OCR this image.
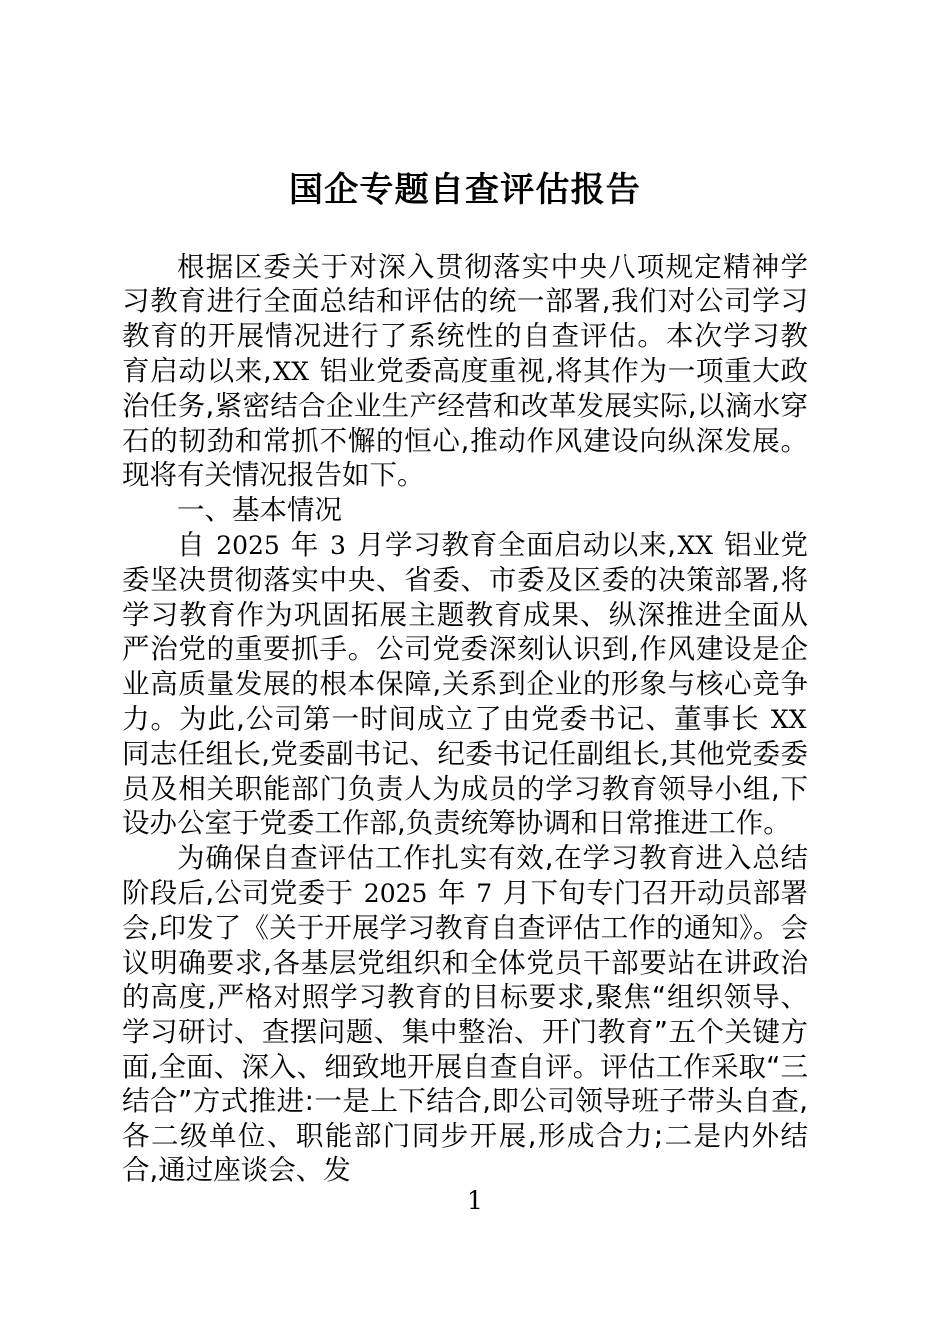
国企专题自查评估报告

根据区委关于对深入贯彻落实中央八项规定精神学习教育进行全面总结和评估的统一部署,我们对公司学习教育的开展情况进行了系统性的自查评估。本次学习教育启动以来,XX 铝业党委高度重视,将其作为一项重大政治任务,紧密结合企业生产经营和改革发展实际,以滴水穿石的韧劲和常抓不懈的恒心,推动作风建设向纵深发展。现将有关情况报告如下。

一、基本情况

自 2025 年 3 月学习教育全面启动以来,XX 铝业党委坚决贯彻落实中央、省委、市委及区委的决策部署,将学习教育作为巩固拓展主题教育成果、纵深推进全面从严治党的重要抓手。公司党委深刻认识到,作风建设是企业高质量发展的根本保障,关系到企业的形象与核心竞争力。为此,公司第一时间成立了由党委书记、董事长 XX 同志任组长,党委副书记、纪委书记任副组长,其他党委委员及相关职能部门负责人为成员的学习教育领导小组,下设办公室于党委工作部,负责统筹协调和日常推进工作。

为确保自查评估工作扎实有效,在学习教育进入总结阶段后,公司党委于 2025 年 7 月下旬专门召开动员部署会,印发了《关于开展学习教育自查评估工作的通知》。会议明确要求,各基层党组织和全体党员干部要站在讲政治的高度,严格对照学习教育的目标要求,聚焦“组织领导、学习研讨、查摆问题、集中整治、开门教育”五个关键方面,全面、深入、细致地开展自查自评。评估工作采取“三结合”方式推进:一是上下结合,即公司领导班子带头自查,各二级单位、职能部门同步开展,形成合力;二是内外结合,通过座谈会、发

1
